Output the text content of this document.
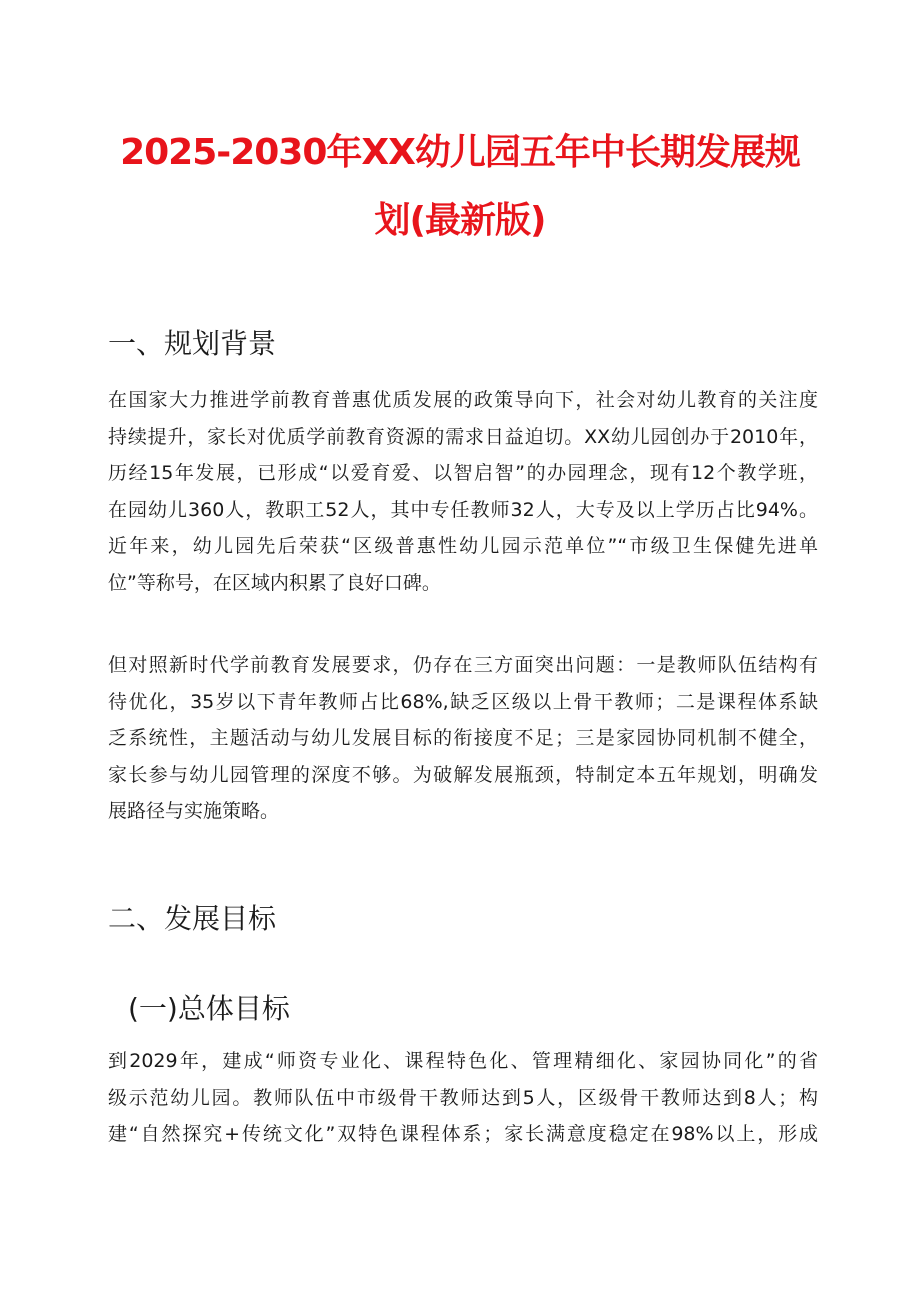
2025-2030年XX幼儿园五年中长期发展规
划(最新版)
一、规划背景
在国家大力推进学前教育普惠优质发展的政策导向下，社会对幼儿教育的关注度
持续提升，家长对优质学前教育资源的需求日益迫切。XX幼儿园创办于2010年，
历经15年发展，已形成“以爱育爱、以智启智”的办园理念，现有12个教学班，
在园幼儿360人，教职工52人，其中专任教师32人，大专及以上学历占比94%。
近年来，幼儿园先后荣获“区级普惠性幼儿园示范单位”“市级卫生保健先进单
位”等称号，在区域内积累了良好口碑。
但对照新时代学前教育发展要求，仍存在三方面突出问题：一是教师队伍结构有
待优化，35岁以下青年教师占比68%,缺乏区级以上骨干教师；二是课程体系缺
乏系统性，主题活动与幼儿发展目标的衔接度不足；三是家园协同机制不健全，
家长参与幼儿园管理的深度不够。为破解发展瓶颈，特制定本五年规划，明确发
展路径与实施策略。
二、发展目标
(一)总体目标
到2029年，建成“师资专业化、课程特色化、管理精细化、家园协同化”的省
级示范幼儿园。教师队伍中市级骨干教师达到5人，区级骨干教师达到8人；构
建“自然探究+传统文化”双特色课程体系；家长满意度稳定在98%以上，形成
